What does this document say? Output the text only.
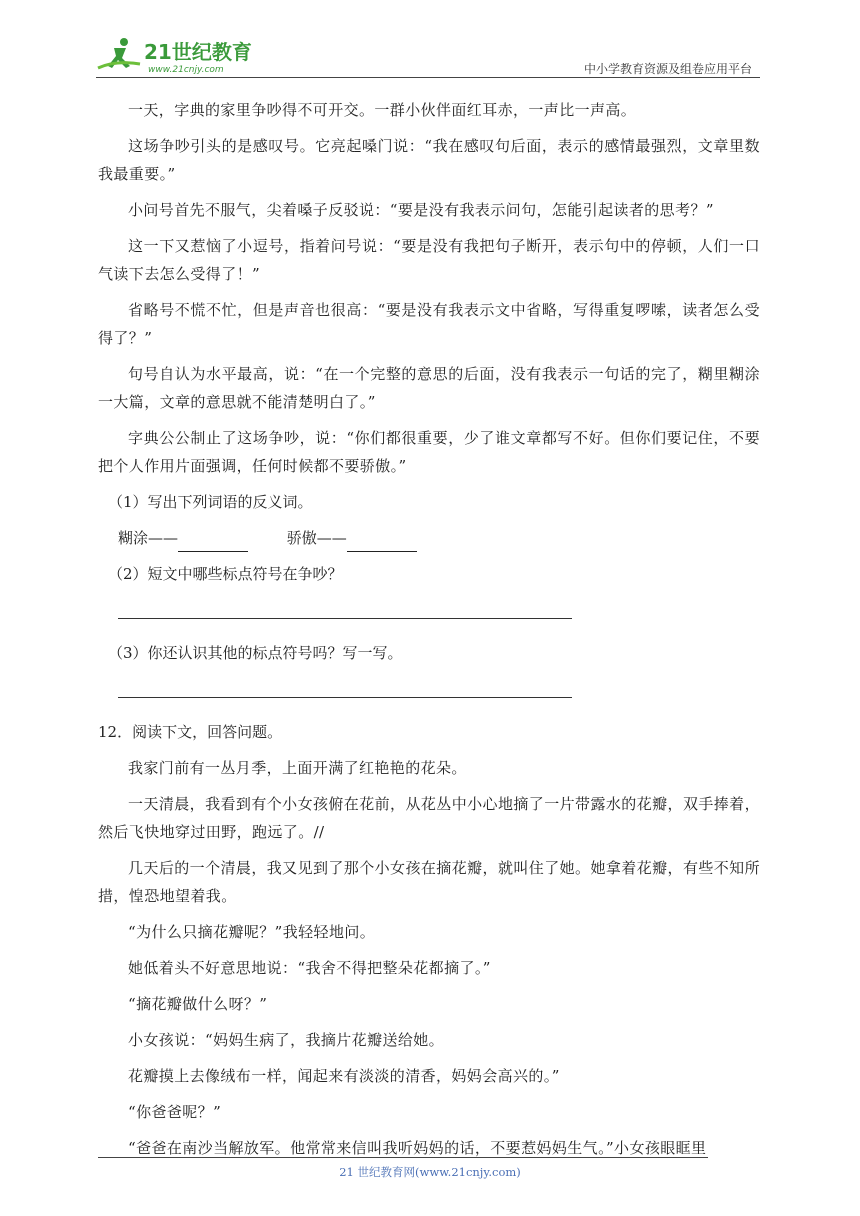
21世纪教育
www.21cnjy.com	中小学教育资源及组卷应用平台

一天，字典的家里争吵得不可开交。一群小伙伴面红耳赤，一声比一声高。

这场争吵引头的是感叹号。它亮起嗓门说：“我在感叹句后面，表示的感情最强烈，文章里数我最重要。”

小问号首先不服气，尖着嗓子反驳说：“要是没有我表示问句，怎能引起读者的思考？”

这一下又惹恼了小逗号，指着问号说：“要是没有我把句子断开，表示句中的停顿，人们一口气读下去怎么受得了！”

省略号不慌不忙，但是声音也很高：“要是没有我表示文中省略，写得重复啰嗦，读者怎么受得了？”

句号自认为水平最高，说：“在一个完整的意思的后面，没有我表示一句话的完了，糊里糊涂一大篇，文章的意思就不能清楚明白了。”

字典公公制止了这场争吵，说：“你们都很重要，少了谁文章都写不好。但你们要记住，不要把个人作用片面强调，任何时候都不要骄傲。”

（1）写出下列词语的反义词。
糊涂——	骄傲——
（2）短文中哪些标点符号在争吵？
（3）你还认识其他的标点符号吗？写一写。
12．阅读下文，回答问题。

我家门前有一丛月季，上面开满了红艳艳的花朵。

一天清晨，我看到有个小女孩俯在花前，从花丛中小心地摘了一片带露水的花瓣，双手捧着，然后飞快地穿过田野，跑远了。//

几天后的一个清晨，我又见到了那个小女孩在摘花瓣，就叫住了她。她拿着花瓣，有些不知所措，惶恐地望着我。

“为什么只摘花瓣呢？”我轻轻地问。

她低着头不好意思地说：“我舍不得把整朵花都摘了。”

“摘花瓣做什么呀？”

小女孩说：“妈妈生病了，我摘片花瓣送给她。

花瓣摸上去像绒布一样，闻起来有淡淡的清香，妈妈会高兴的。”

“你爸爸呢？”

“爸爸在南沙当解放军。他常常来信叫我听妈妈的话，不要惹妈妈生气。”小女孩眼眶里

21 世纪教育网(www.21cnjy.com)
